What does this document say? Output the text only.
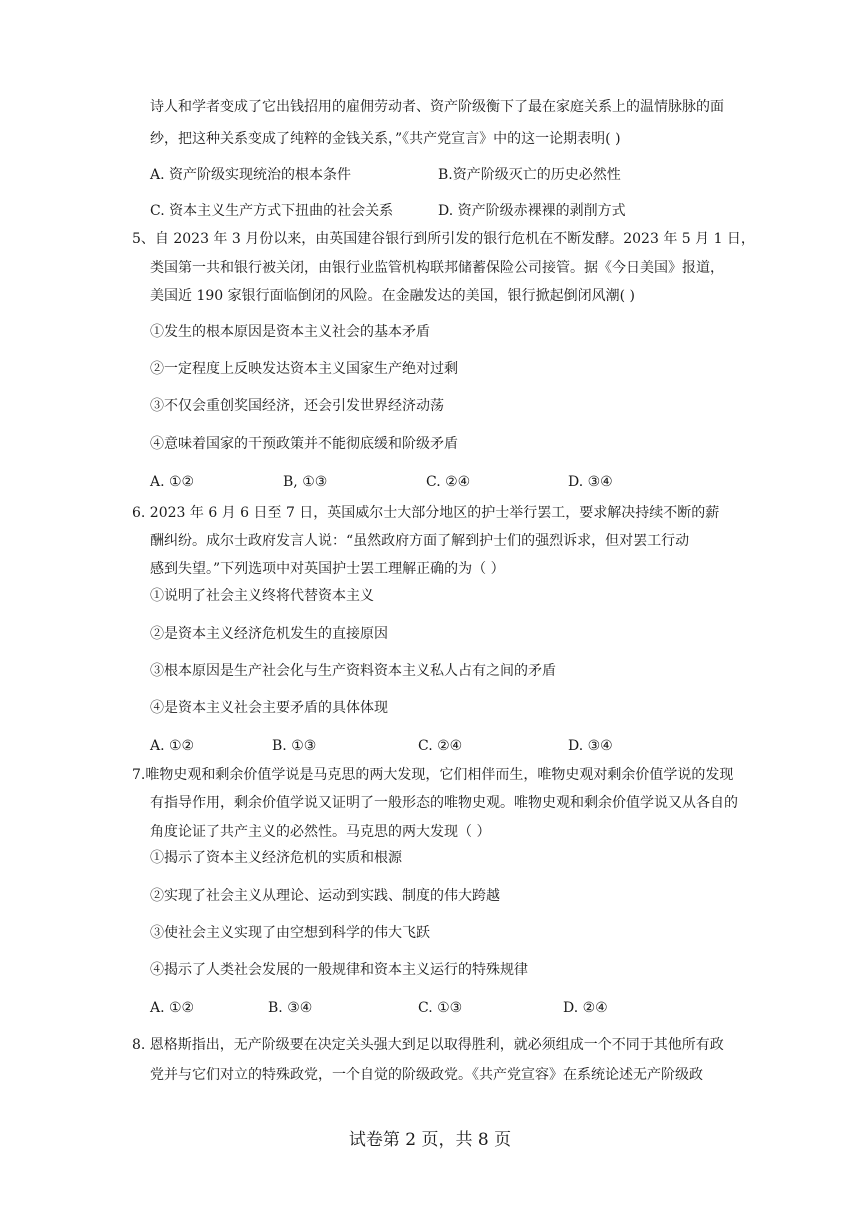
诗人和学者变成了它出钱招用的雇佣劳动者、资产阶级衡下了最在家庭关系上的温情脉脉的面
纱，把这种关系变成了纯粹的金钱关系，”《共产党宣言》中的这一论期表明( )
A. 资产阶级实现统治的根本条件	B.资产阶级灭亡的历史必然性
C. 资本主义生产方式下扭曲的社会关系	D. 资产阶级赤裸裸的剥削方式
5、自 2023 年 3 月份以来，由英国建谷银行到所引发的银行危机在不断发酵。2023 年 5 月 1 日，
类国第一共和银行被关闭，由银行业监管机构联邦储蓄保险公司接管。据《今日美国》报道，
美国近 190 家银行面临倒闭的风险。在金融发达的美国，银行掀起倒闭风潮( )
①发生的根本原因是资本主义社会的基本矛盾
②一定程度上反映发达资本主义国家生产绝对过剩
③不仅会重创奖国经济，还会引发世界经济动荡
④意味着国家的干预政策并不能彻底缓和阶级矛盾
A. ①②	B, ①③	C. ②④	D. ③④
6. 2023 年 6 月 6 日至 7 日，英国威尔士大部分地区的护士举行罢工，要求解决持续不断的薪
酬纠纷。成尔士政府发言人说：“虽然政府方面了解到护士们的强烈诉求，但对罢工行动
感到失望。”下列选项中对英国护士罢工理解正确的为（ ）
①说明了社会主义终将代替资本主义
②是资本主义经济危机发生的直接原因
③根本原因是生产社会化与生产资料资本主义私人占有之间的矛盾
④是资本主义社会主要矛盾的具体体现
A. ①②	B. ①③	C. ②④	D. ③④
7.唯物史观和剩余价值学说是马克思的两大发现，它们相伴而生，唯物史观对剩余价值学说的发现
有指导作用，剩余价值学说又证明了一般形态的唯物史观。唯物史观和剩余价值学说又从各自的
角度论证了共产主义的必然性。马克思的两大发现（ ）
①揭示了资本主义经济危机的实质和根源
②实现了社会主义从理论、运动到实践、制度的伟大跨越
③使社会主义实现了由空想到科学的伟大飞跃
④揭示了人类社会发展的一般规律和资本主义运行的特殊规律
A. ①②	B. ③④	C. ①③	D. ②④
8. 恩格斯指出，无产阶级要在决定关头强大到足以取得胜利，就必须组成一个不同于其他所有政
党并与它们对立的特殊政党，一个自觉的阶级政党。《共产党宣容》在系统论述无产阶级政
试卷第 2 页，共 8 页
